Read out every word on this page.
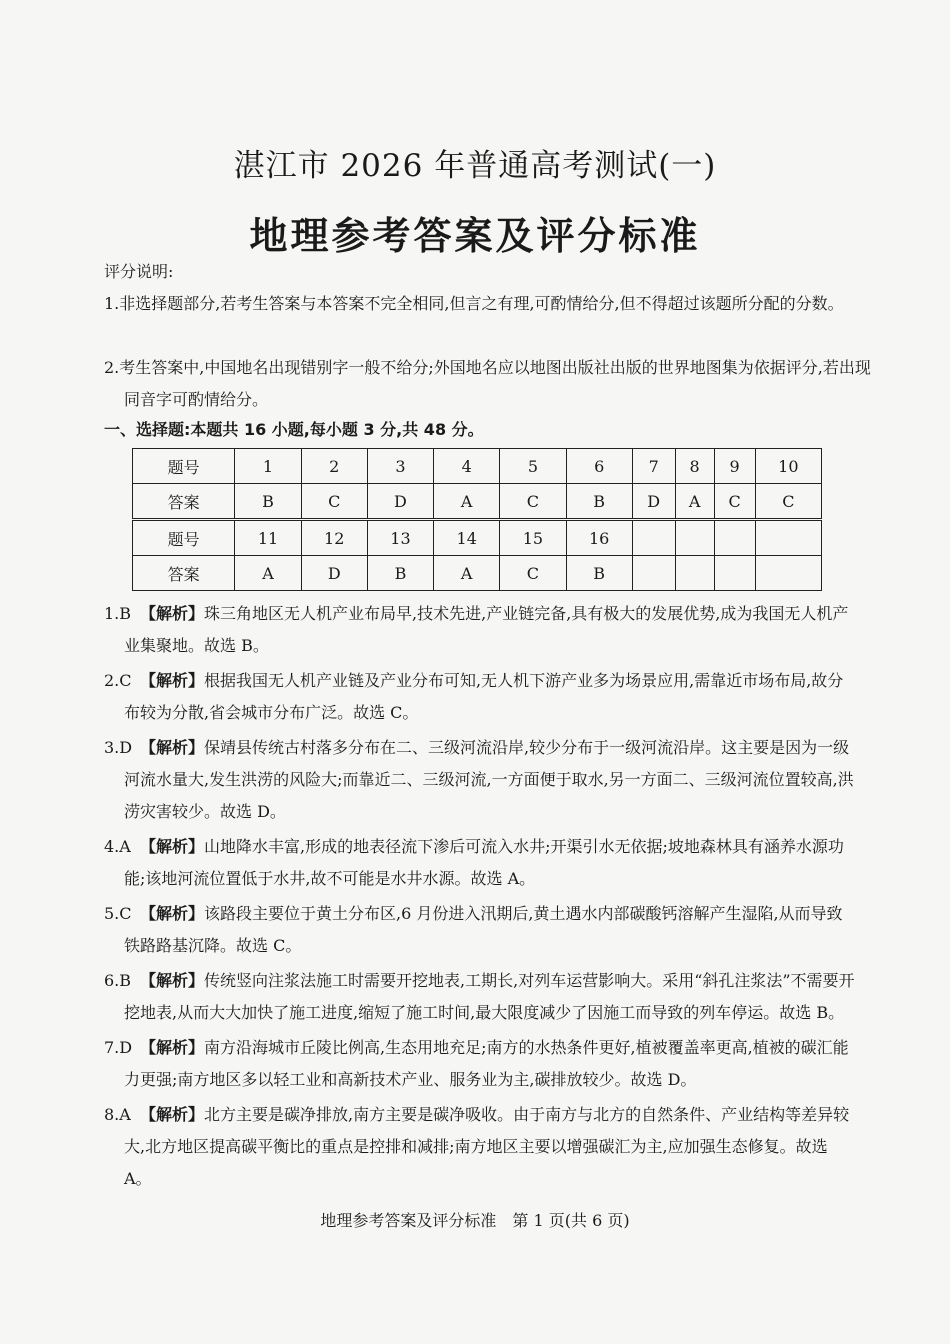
湛江市 2026 年普通高考测试(一)
地理参考答案及评分标准
评分说明:
1.非选择题部分,若考生答案与本答案不完全相同,但言之有理,可酌情给分,但不得超过该题所分配的分数。
2.考生答案中,中国地名出现错别字一般不给分;外国地名应以地图出版社出版的世界地图集为依据评分,若出现同音字可酌情给分。
一、选择题:本题共 16 小题,每小题 3 分,共 48 分。
题号	1	2	3	4	5	6	7	8	9	10
答案	B	C	D	A	C	B	D	A	C	C
题号	11	12	13	14	15	16				
答案	A	D	B	A	C	B				
1.B 【解析】珠三角地区无人机产业布局早,技术先进,产业链完备,具有极大的发展优势,成为我国无人机产业集聚地。故选 B。
2.C 【解析】根据我国无人机产业链及产业分布可知,无人机下游产业多为场景应用,需靠近市场布局,故分布较为分散,省会城市分布广泛。故选 C。
3.D 【解析】保靖县传统古村落多分布在二、三级河流沿岸,较少分布于一级河流沿岸。这主要是因为一级河流水量大,发生洪涝的风险大;而靠近二、三级河流,一方面便于取水,另一方面二、三级河流位置较高,洪涝灾害较少。故选 D。
4.A 【解析】山地降水丰富,形成的地表径流下渗后可流入水井;开渠引水无依据;坡地森林具有涵养水源功能;该地河流位置低于水井,故不可能是水井水源。故选 A。
5.C 【解析】该路段主要位于黄土分布区,6 月份进入汛期后,黄土遇水内部碳酸钙溶解产生湿陷,从而导致铁路路基沉降。故选 C。
6.B 【解析】传统竖向注浆法施工时需要开挖地表,工期长,对列车运营影响大。采用“斜孔注浆法”不需要开挖地表,从而大大加快了施工进度,缩短了施工时间,最大限度减少了因施工而导致的列车停运。故选 B。
7.D 【解析】南方沿海城市丘陵比例高,生态用地充足;南方的水热条件更好,植被覆盖率更高,植被的碳汇能力更强;南方地区多以轻工业和高新技术产业、服务业为主,碳排放较少。故选 D。
8.A 【解析】北方主要是碳净排放,南方主要是碳净吸收。由于南方与北方的自然条件、产业结构等差异较大,北方地区提高碳平衡比的重点是控排和减排;南方地区主要以增强碳汇为主,应加强生态修复。故选 A。
地理参考答案及评分标准　第 1 页(共 6 页)
